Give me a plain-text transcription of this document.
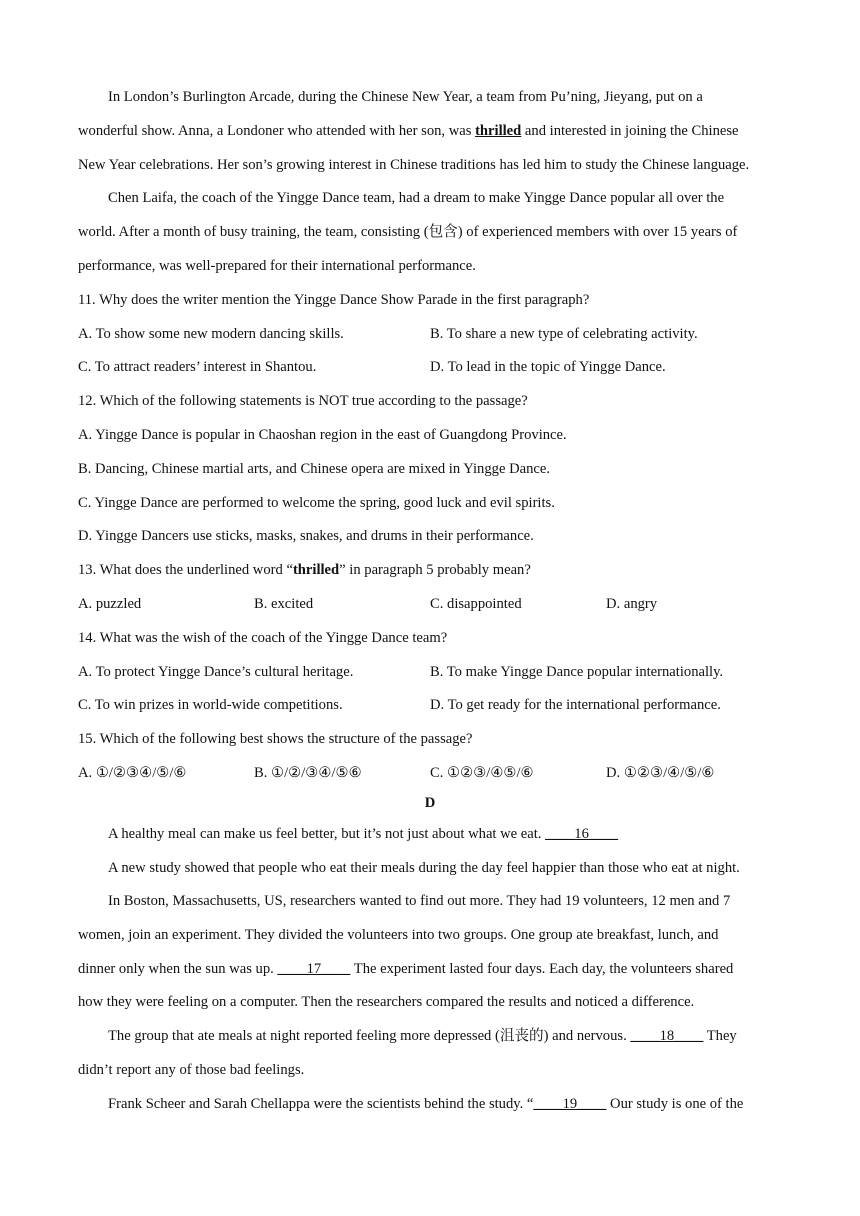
In London’s Burlington Arcade, during the Chinese New Year, a team from Pu’ning, Jieyang, put on a
wonderful show. Anna, a Londoner who attended with her son, was thrilled and interested in joining the Chinese
New Year celebrations. Her son’s growing interest in Chinese traditions has led him to study the Chinese language.
Chen Laifa, the coach of the Yingge Dance team, had a dream to make Yingge Dance popular all over the
world. After a month of busy training, the team, consisting (包含) of experienced members with over 15 years of
performance, was well-prepared for their international performance.
11. Why does the writer mention the Yingge Dance Show Parade in the first paragraph?
A. To show some new modern dancing skills.	B. To share a new type of celebrating activity.
C. To attract readers’ interest in Shantou.	D. To lead in the topic of Yingge Dance.
12. Which of the following statements is NOT true according to the passage?
A. Yingge Dance is popular in Chaoshan region in the east of Guangdong Province.
B. Dancing, Chinese martial arts, and Chinese opera are mixed in Yingge Dance.
C. Yingge Dance are performed to welcome the spring, good luck and evil spirits.
D. Yingge Dancers use sticks, masks, snakes, and drums in their performance.
13. What does the underlined word “thrilled” in paragraph 5 probably mean?
A. puzzled	B. excited	C. disappointed	D. angry
14. What was the wish of the coach of the Yingge Dance team?
A. To protect Yingge Dance’s cultural heritage.	B. To make Yingge Dance popular internationally.
C. To win prizes in world-wide competitions.	D. To get ready for the international performance.
15. Which of the following best shows the structure of the passage?
A. ①/②③④/⑤/⑥	B. ①/②/③④/⑤⑥	C. ①②③/④⑤/⑥	D. ①②③/④/⑤/⑥
D
A healthy meal can make us feel better, but it’s not just about what we eat. ____16____
A new study showed that people who eat their meals during the day feel happier than those who eat at night.
In Boston, Massachusetts, US, researchers wanted to find out more. They had 19 volunteers, 12 men and 7
women, join an experiment. They divided the volunteers into two groups. One group ate breakfast, lunch, and
dinner only when the sun was up. ____17____ The experiment lasted four days. Each day, the volunteers shared
how they were feeling on a computer. Then the researchers compared the results and noticed a difference.
The group that ate meals at night reported feeling more depressed (沮丧的) and nervous. ____18____ They
didn’t report any of those bad feelings.
Frank Scheer and Sarah Chellappa were the scientists behind the study. “____19____ Our study is one of the
